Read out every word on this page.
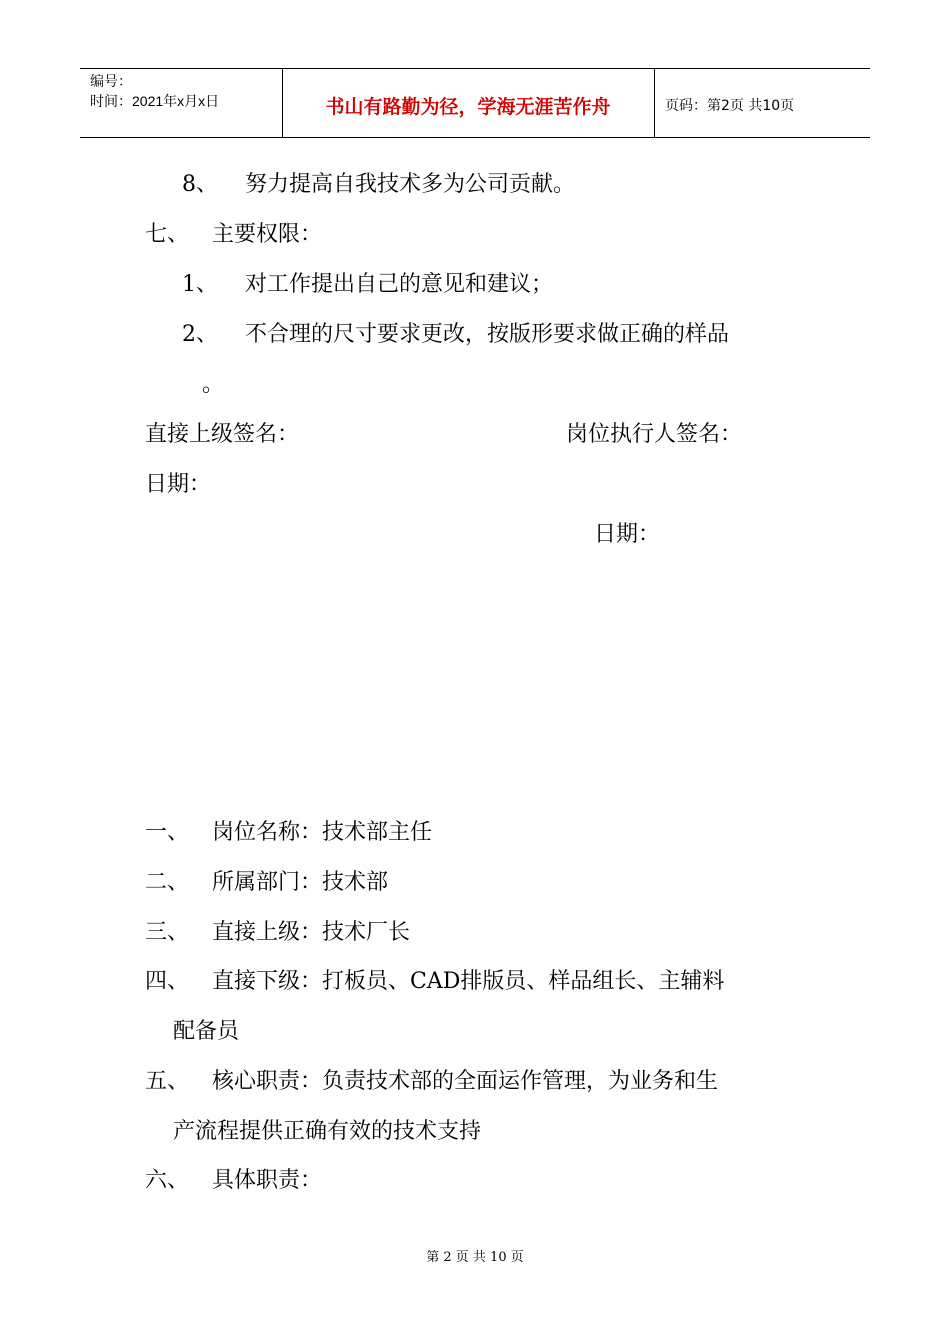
编号：
时间：2021年x月x日	书山有路勤为径，学海无涯苦作舟	页码：第2页 共10页
8、 努力提高自我技术多为公司贡献。
七、 主要权限：
1、 对工作提出自己的意见和建议；
2、 不合理的尺寸要求更改，按版形要求做正确的样品
。
直接上级签名：	岗位执行人签名：
日期：
日期：
一、 岗位名称：技术部主任
二、 所属部门：技术部
三、 直接上级：技术厂长
四、 直接下级：打板员、CAD排版员、样品组长、主辅料
配备员
五、 核心职责：负责技术部的全面运作管理，为业务和生
产流程提供正确有效的技术支持
六、 具体职责：
第 2 页 共 10 页
